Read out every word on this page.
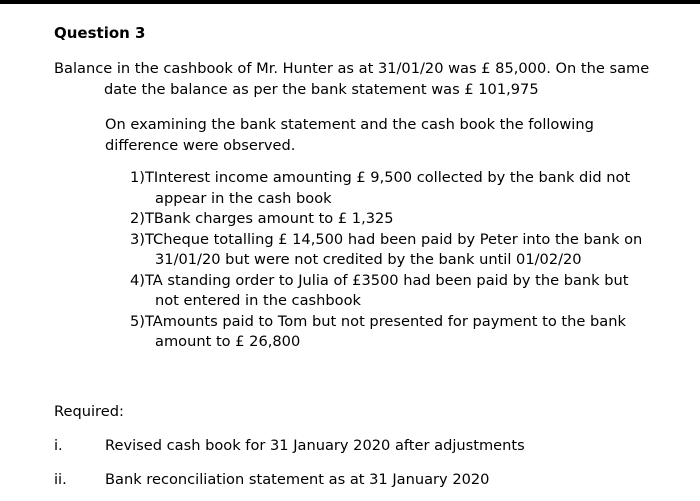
Question 3
Balance in the cashbook of Mr. Hunter as at 31/01/20 was £ 85,000. On the same
date the balance as per the bank statement was £ 101,975
On examining the bank statement and the cash book the following
difference were observed.
1)TInterest income amounting £ 9,500 collected by the bank did not
appear in the cash book
2)TBank charges amount to £ 1,325
3)TCheque totalling £ 14,500 had been paid by Peter into the bank on
31/01/20 but were not credited by the bank until 01/02/20
4)TA standing order to Julia of £3500 had been paid by the bank but
not entered in the cashbook
5)TAmounts paid to Tom but not presented for payment to the bank
amount to £ 26,800
Required:
i.	Revised cash book for 31 January 2020 after adjustments
ii.	Bank reconciliation statement as at 31 January 2020
